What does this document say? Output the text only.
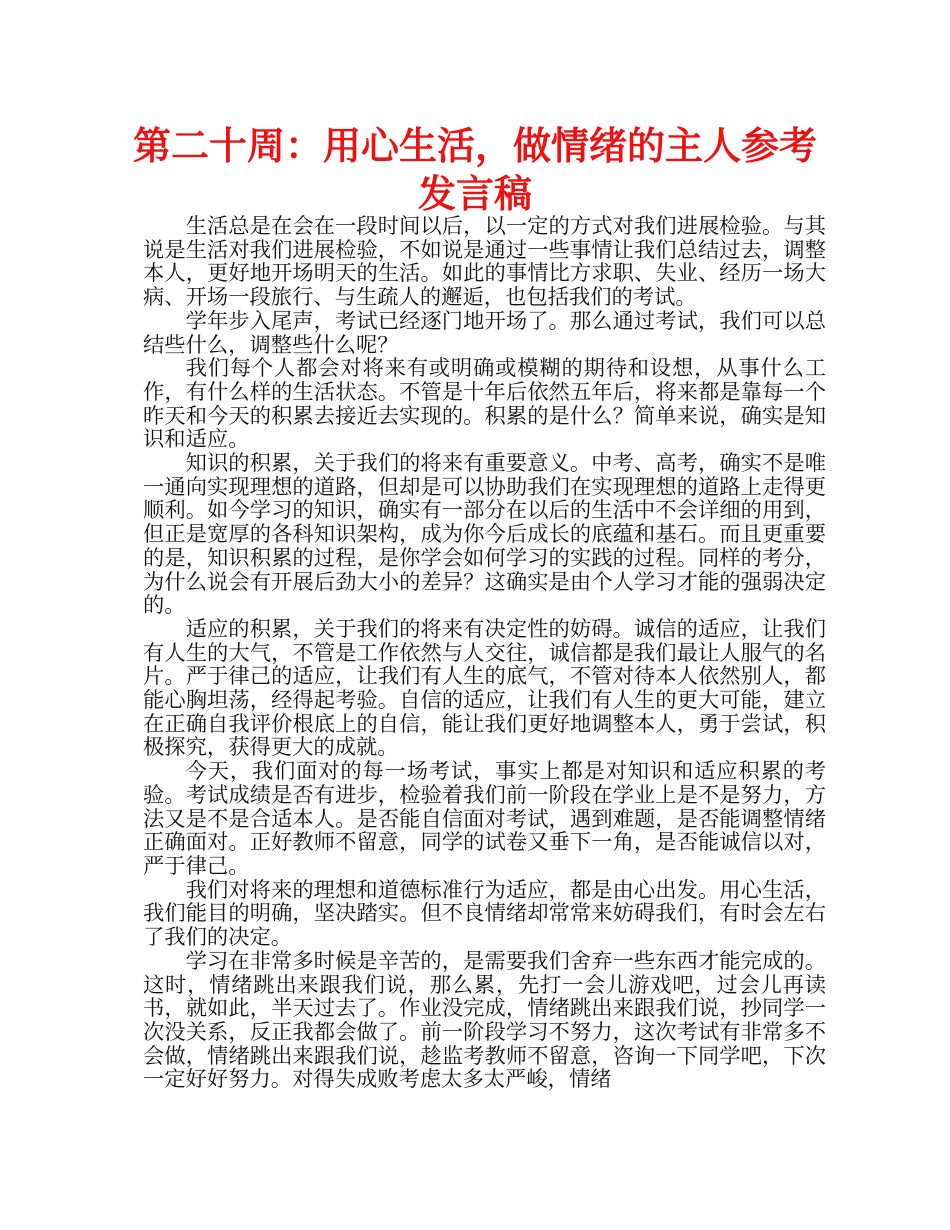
第二十周：用心生活，做情绪的主人参考发言稿

生活总是在会在一段时间以后，以一定的方式对我们进展检验。与其说是生活对我们进展检验，不如说是通过一些事情让我们总结过去，调整本人，更好地开场明天的生活。如此的事情比方求职、失业、经历一场大病、开场一段旅行、与生疏人的邂逅，也包括我们的考试。

学年步入尾声，考试已经逐门地开场了。那么通过考试，我们可以总结些什么，调整些什么呢？

我们每个人都会对将来有或明确或模糊的期待和设想，从事什么工作，有什么样的生活状态。不管是十年后依然五年后，将来都是靠每一个昨天和今天的积累去接近去实现的。积累的是什么？简单来说，确实是知识和适应。

知识的积累，关于我们的将来有重要意义。中考、高考，确实不是唯一通向实现理想的道路，但却是可以协助我们在实现理想的道路上走得更顺利。如今学习的知识，确实有一部分在以后的生活中不会详细的用到，但正是宽厚的各科知识架构，成为你今后成长的底蕴和基石。而且更重要的是，知识积累的过程，是你学会如何学习的实践的过程。同样的考分，为什么说会有开展后劲大小的差异？这确实是由个人学习才能的强弱决定的。

适应的积累，关于我们的将来有决定性的妨碍。诚信的适应，让我们有人生的大气，不管是工作依然与人交往，诚信都是我们最让人服气的名片。严于律己的适应，让我们有人生的底气，不管对待本人依然别人，都能心胸坦荡，经得起考验。自信的适应，让我们有人生的更大可能，建立在正确自我评价根底上的自信，能让我们更好地调整本人，勇于尝试，积极探究，获得更大的成就。

今天，我们面对的每一场考试，事实上都是对知识和适应积累的考验。考试成绩是否有进步，检验着我们前一阶段在学业上是不是努力，方法又是不是合适本人。是否能自信面对考试，遇到难题，是否能调整情绪正确面对。正好教师不留意，同学的试卷又垂下一角，是否能诚信以对，严于律己。

我们对将来的理想和道德标准行为适应，都是由心出发。用心生活，我们能目的明确，坚决踏实。但不良情绪却常常来妨碍我们，有时会左右了我们的决定。

学习在非常多时候是辛苦的，是需要我们舍弃一些东西才能完成的。这时，情绪跳出来跟我们说，那么累，先打一会儿游戏吧，过会儿再读书，就如此，半天过去了。作业没完成，情绪跳出来跟我们说，抄同学一次没关系，反正我都会做了。前一阶段学习不努力，这次考试有非常多不会做，情绪跳出来跟我们说，趁监考教师不留意，咨询一下同学吧，下次一定好好努力。对得失成败考虑太多太严峻，情绪
